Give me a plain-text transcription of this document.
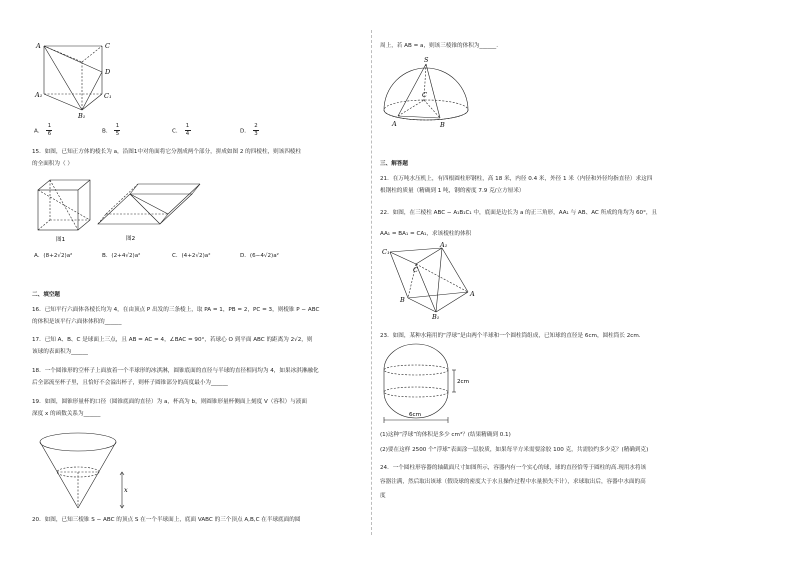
A	C
D
A₁	C₁
B₁
A． $\frac{1}{6}$	B． $\frac{1}{5}$	C． $\frac{1}{4}$	D． $\frac{2}{3}$
15．如图，已知正方体的棱长为 a，沿图1中对角面将它分割成两个部分，拼成如图 2 的四棱柱，则该四棱柱
的全面积为（ ）
图1	图2
A．(8+2√2)a²	B．(2+4√2)a²	C．(4+2√2)a²	D．(6−4√2)a²
二、填空题
16．已知平行六面体各棱长均为 4，在由顶点 P 出发的三条棱上，取 PA = 1，PB = 2，PC = 3，则棱锥 P − ABC
的体积是该平行六面体体积的______
17．已知 A、B、C 是球面上三点，且 AB = AC = 4，∠BAC = 90°，若球心 O 到平面 ABC 的距离为 2√2，则
该球的表面积为______
18．一个圆锥形的空杯子上面放着一个半球形的冰淇淋，圆锥底面的直径与半球的直径相同均为 4，如果冰淇淋融化
后全部流至杯子里，且恰好不会溢出杯子，则杯子圆锥部分的高度最小为______
19．如图，圆锥形量杯的口径（圆锥底面的直径）为 a，杯高为 b，则圆锥形量杯侧面上刻度 V（容积）与液面
深度 x 的函数关系为______
x
20．如图，已知三棱锥 S − ABC 的顶点 S 在一个半球面上，底面 VABC 的三个顶点 A,B,C 在半球底面的圆
周上，若 AB = a，则该三棱锥的体积为______.
S
A	B
C
三、解答题
21．在万吨水压机上，有四根圆柱形钢柱，高 18 米，内径 0.4 米，外径 1 米（内径和外径均指直径）求这四
根钢柱的质量（精确到 1 吨，钢的密度 7.9 克/立方厘米）
22．如图，在三棱柱 ABC − A₁B₁C₁ 中，底面是边长为 a 的正三角形，AA₁ 与 AB、AC 所成的角均为 60°，且
AA₁ = BA₁ = CA₁，求该棱柱的体积
A₁
C₁
C
B
A
B₁
23．如图，某种水箱用的“浮球”是由两个半球和一个圆柱筒组成，已知球的直径是 6cm，圆柱筒长 2cm.
2cm
6cm
(1)这种“浮球”的体积是多少 cm³？(结果精确到 0.1)
(2)要在这样 2500 个“浮球”表面涂一层胶质，如果每平方米需要涂胶 100 克，共需胶约多少克？(精确到克)
24．一个圆柱形容器的轴截面尺寸如图所示，容器内有一个实心的球，球的直径恰等于圆柱的高.现用水将该
容器注满，然后取出该球（假设球的密度大于水且操作过程中水量损失不计），求球取出后，容器中水面的高
度
